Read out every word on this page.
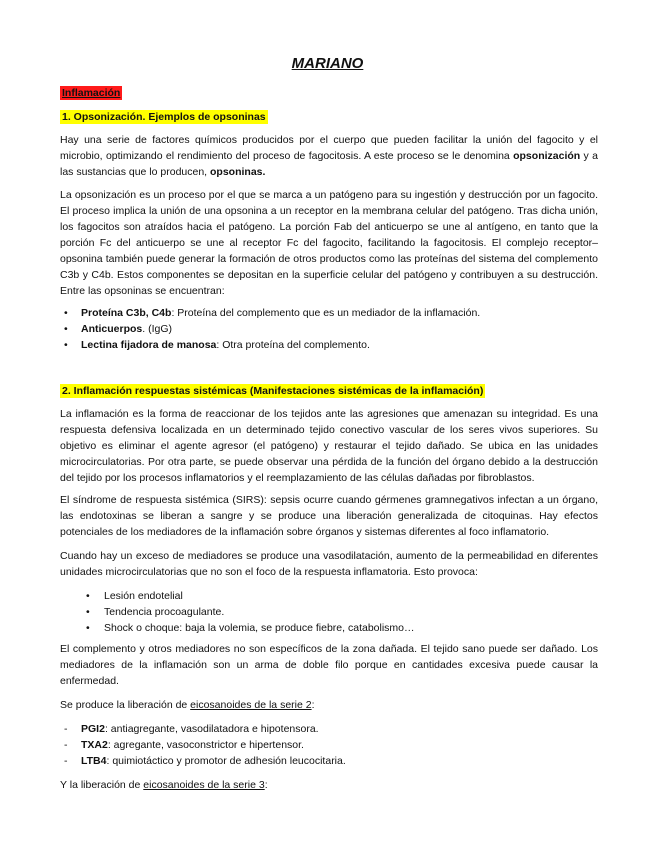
MARIANO
Inflamación
1. Opsonización. Ejemplos de opsoninas

Hay una serie de factores químicos producidos por el cuerpo que pueden facilitar la unión del fagocito y el microbio, optimizando el rendimiento del proceso de fagocitosis. A este proceso se le denomina opsonización y a las sustancias que lo producen, opsoninas.

La opsonización es un proceso por el que se marca a un patógeno para su ingestión y destrucción por un fagocito. El proceso implica la unión de una opsonina a un receptor en la membrana celular del patógeno. Tras dicha unión, los fagocitos son atraídos hacia el patógeno. La porción Fab del anticuerpo se une al antígeno, en tanto que la porción Fc del anticuerpo se une al receptor Fc del fagocito, facilitando la fagocitosis. El complejo receptor–opsonina también puede generar la formación de otros productos como las proteínas del sistema del complemento C3b y C4b. Estos componentes se depositan en la superficie celular del patógeno y contribuyen a su destrucción. Entre las opsoninas se encuentran:

• Proteína C3b, C4b: Proteína del complemento que es un mediador de la inflamación.
• Anticuerpos. (IgG)
• Lectina fijadora de manosa: Otra proteína del complemento.
2. Inflamación respuestas sistémicas (Manifestaciones sistémicas de la inflamación)

La inflamación es la forma de reaccionar de los tejidos ante las agresiones que amenazan su integridad. Es una respuesta defensiva localizada en un determinado tejido conectivo vascular de los seres vivos superiores. Su objetivo es eliminar el agente agresor (el patógeno) y restaurar el tejido dañado. Se ubica en las unidades microcirculatorias. Por otra parte, se puede observar una pérdida de la función del órgano debido a la destrucción del tejido por los procesos inflamatorios y el reemplazamiento de las células dañadas por fibroblastos.

El síndrome de respuesta sistémica (SIRS): sepsis ocurre cuando gérmenes gramnegativos infectan a un órgano, las endotoxinas se liberan a sangre y se produce una liberación generalizada de citoquinas. Hay efectos potenciales de los mediadores de la inflamación sobre órganos y sistemas diferentes al foco inflamatorio.

Cuando hay un exceso de mediadores se produce una vasodilatación, aumento de la permeabilidad en diferentes unidades microcirculatorias que no son el foco de la respuesta inflamatoria. Esto provoca:

• Lesión endotelial
• Tendencia procoagulante.
• Shock o choque: baja la volemia, se produce fiebre, catabolismo…

El complemento y otros mediadores no son específicos de la zona dañada. El tejido sano puede ser dañado. Los mediadores de la inflamación son un arma de doble filo porque en cantidades excesiva puede causar la enfermedad.

Se produce la liberación de eicosanoides de la serie 2:

- PGI2: antiagregante, vasodilatadora e hipotensora.
- TXA2: agregante, vasoconstrictor e hipertensor.
- LTB4: quimiotáctico y promotor de adhesión leucocitaria.

Y la liberación de eicosanoides de la serie 3:
